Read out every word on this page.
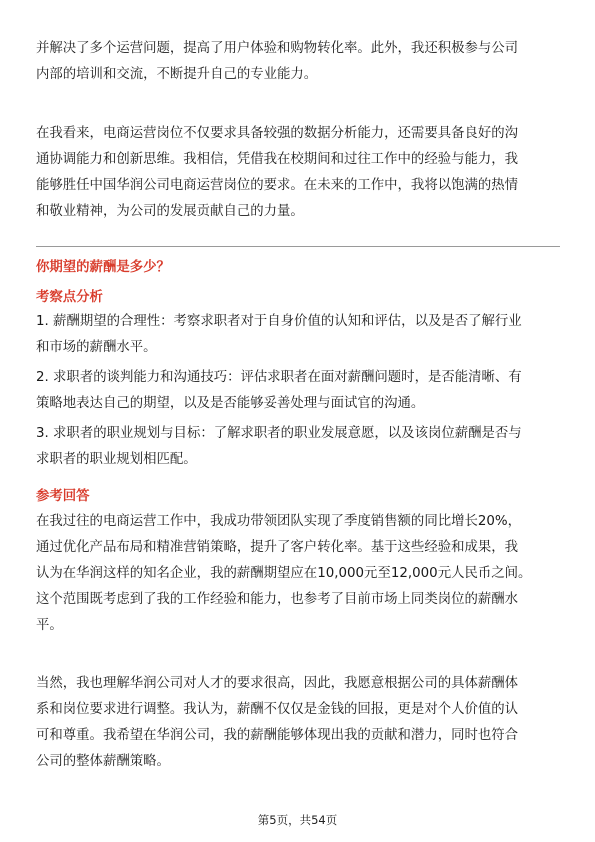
并解决了多个运营问题，提高了用户体验和购物转化率。此外，我还积极参与公司
内部的培训和交流，不断提升自己的专业能力。

在我看来，电商运营岗位不仅要求具备较强的数据分析能力，还需要具备良好的沟
通协调能力和创新思维。我相信，凭借我在校期间和过往工作中的经验与能力，我
能够胜任中国华润公司电商运营岗位的要求。在未来的工作中，我将以饱满的热情
和敬业精神，为公司的发展贡献自己的力量。

你期望的薪酬是多少？

考察点分析

1. 薪酬期望的合理性：考察求职者对于自身价值的认知和评估，以及是否了解行业
和市场的薪酬水平。

2. 求职者的谈判能力和沟通技巧：评估求职者在面对薪酬问题时，是否能清晰、有
策略地表达自己的期望，以及是否能够妥善处理与面试官的沟通。

3. 求职者的职业规划与目标：了解求职者的职业发展意愿，以及该岗位薪酬是否与
求职者的职业规划相匹配。

参考回答

在我过往的电商运营工作中，我成功带领团队实现了季度销售额的同比增长20%，
通过优化产品布局和精准营销策略，提升了客户转化率。基于这些经验和成果，我
认为在华润这样的知名企业，我的薪酬期望应在10,000元至12,000元人民币之间。
这个范围既考虑到了我的工作经验和能力，也参考了目前市场上同类岗位的薪酬水
平。

当然，我也理解华润公司对人才的要求很高，因此，我愿意根据公司的具体薪酬体
系和岗位要求进行调整。我认为，薪酬不仅仅是金钱的回报，更是对个人价值的认
可和尊重。我希望在华润公司，我的薪酬能够体现出我的贡献和潜力，同时也符合
公司的整体薪酬策略。

第5页，共54页
